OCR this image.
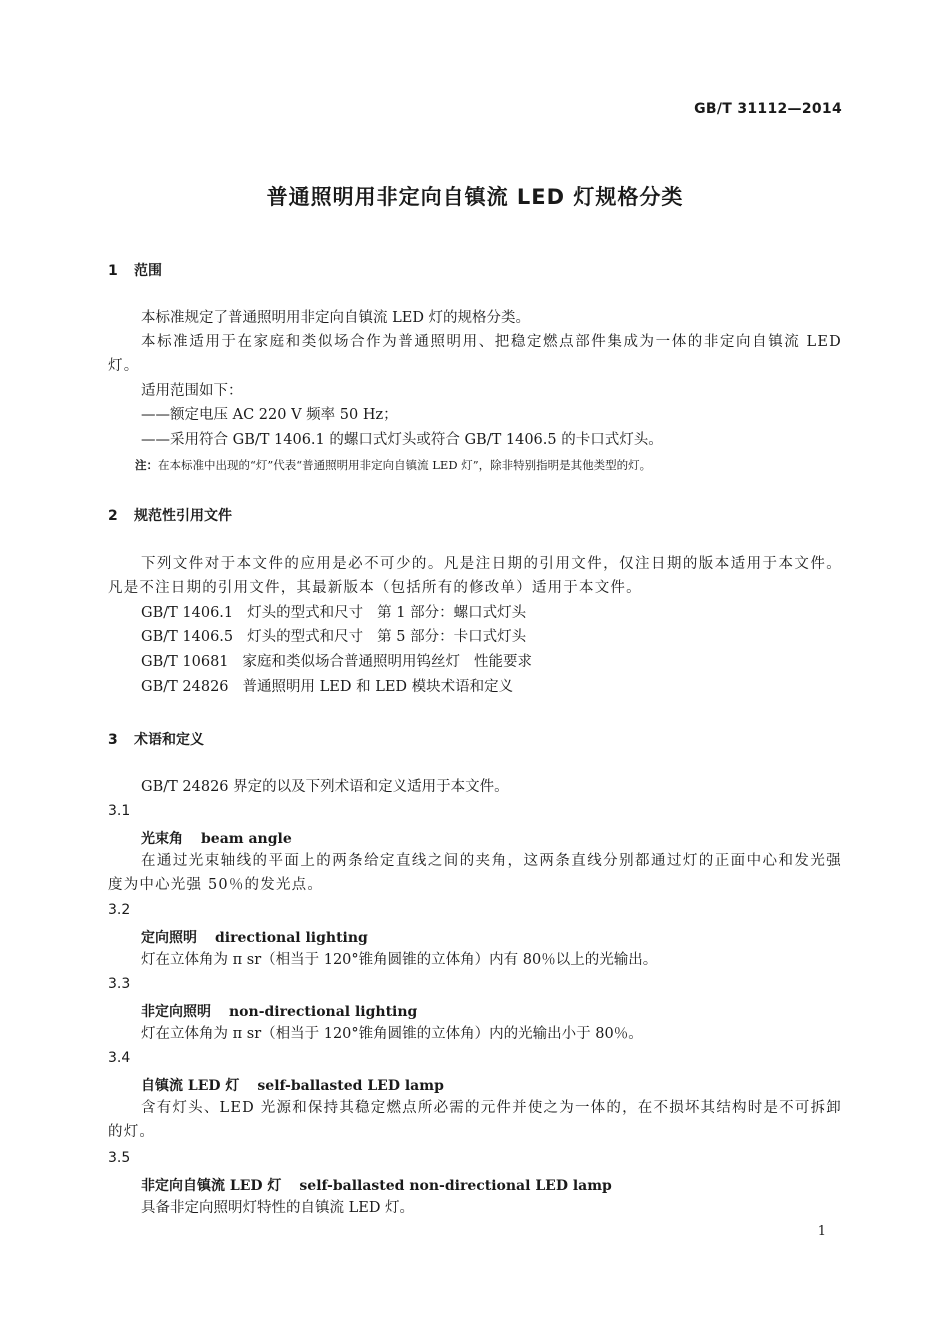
GB/T 31112—2014
普通照明用非定向自镇流 LED 灯规格分类
1 范围
本标准规定了普通照明用非定向自镇流 LED 灯的规格分类。
本标准适用于在家庭和类似场合作为普通照明用、把稳定燃点部件集成为一体的非定向自镇流 LED 灯。
适用范围如下：
——额定电压 AC 220 V 频率 50 Hz；
——采用符合 GB/T 1406.1 的螺口式灯头或符合 GB/T 1406.5 的卡口式灯头。
注：在本标准中出现的“灯”代表“普通照明用非定向自镇流 LED 灯”，除非特别指明是其他类型的灯。
2 规范性引用文件
下列文件对于本文件的应用是必不可少的。凡是注日期的引用文件，仅注日期的版本适用于本文件。凡是不注日期的引用文件，其最新版本（包括所有的修改单）适用于本文件。
GB/T 1406.1 灯头的型式和尺寸 第 1 部分：螺口式灯头
GB/T 1406.5 灯头的型式和尺寸 第 5 部分：卡口式灯头
GB/T 10681 家庭和类似场合普通照明用钨丝灯 性能要求
GB/T 24826 普通照明用 LED 和 LED 模块术语和定义
3 术语和定义
GB/T 24826 界定的以及下列术语和定义适用于本文件。
3.1
光束角 beam angle
在通过光束轴线的平面上的两条给定直线之间的夹角，这两条直线分别都通过灯的正面中心和发光强度为中心光强 50％的发光点。
3.2
定向照明 directional lighting
灯在立体角为 π sr（相当于 120°锥角圆锥的立体角）内有 80％以上的光输出。
3.3
非定向照明 non-directional lighting
灯在立体角为 π sr（相当于 120°锥角圆锥的立体角）内的光输出小于 80％。
3.4
自镇流 LED 灯 self-ballasted LED lamp
含有灯头、LED 光源和保持其稳定燃点所必需的元件并使之为一体的，在不损坏其结构时是不可拆卸的灯。
3.5
非定向自镇流 LED 灯 self-ballasted non-directional LED lamp
具备非定向照明灯特性的自镇流 LED 灯。
1
